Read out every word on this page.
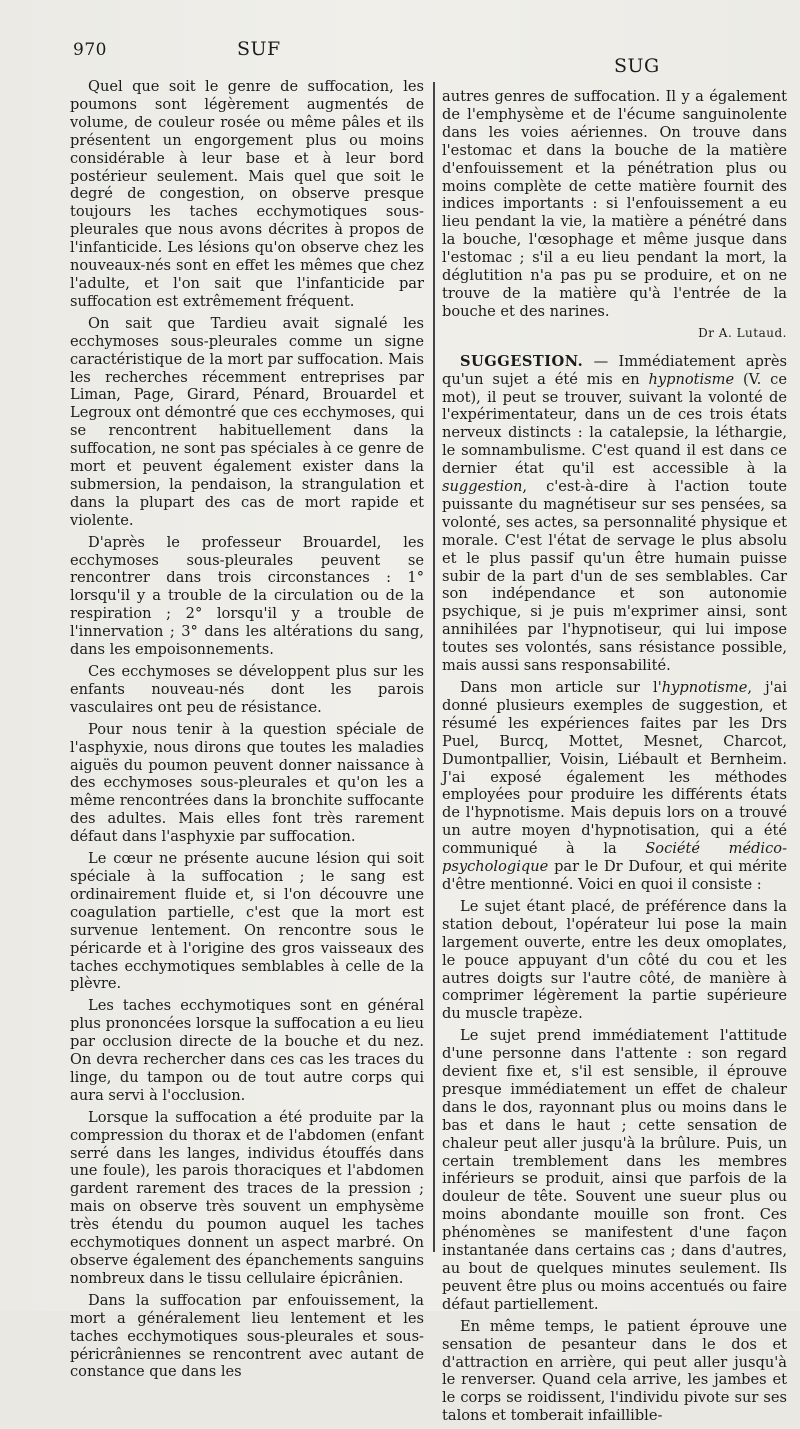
970	SUF
SUG

Quel que soit le genre de suffocation, les poumons sont légèrement augmentés de volume, de couleur rosée ou même pâles et ils présentent un engorgement plus ou moins considérable à leur base et à leur bord postérieur seulement. Mais quel que soit le degré de congestion, on observe presque toujours les taches ecchymotiques sous-pleurales que nous avons décrites à propos de l'infanticide. Les lésions qu'on observe chez les nouveaux-nés sont en effet les mêmes que chez l'adulte, et l'on sait que l'infanticide par suffocation est extrêmement fréquent.

On sait que Tardieu avait signalé les ecchymoses sous-pleurales comme un signe caractéristique de la mort par suffocation. Mais les recherches récemment entreprises par Liman, Page, Girard, Pénard, Brouardel et Legroux ont démontré que ces ecchymoses, qui se rencontrent habituellement dans la suffocation, ne sont pas spéciales à ce genre de mort et peuvent également exister dans la submersion, la pendaison, la strangulation et dans la plupart des cas de mort rapide et violente.

D'après le professeur Brouardel, les ecchymoses sous-pleurales peuvent se rencontrer dans trois circonstances : 1° lorsqu'il y a trouble de la circulation ou de la respiration ; 2° lorsqu'il y a trouble de l'innervation ; 3° dans les altérations du sang, dans les empoisonnements.

Ces ecchymoses se développent plus sur les enfants nouveau-nés dont les parois vasculaires ont peu de résistance.

Pour nous tenir à la question spéciale de l'asphyxie, nous dirons que toutes les maladies aiguës du poumon peuvent donner naissance à des ecchymoses sous-pleurales et qu'on les a même rencontrées dans la bronchite suffocante des adultes. Mais elles font très rarement défaut dans l'asphyxie par suffocation.

Le cœur ne présente aucune lésion qui soit spéciale à la suffocation ; le sang est ordinairement fluide et, si l'on découvre une coagulation partielle, c'est que la mort est survenue lentement. On rencontre sous le péricarde et à l'origine des gros vaisseaux des taches ecchymotiques semblables à celle de la plèvre.

Les taches ecchymotiques sont en général plus prononcées lorsque la suffocation a eu lieu par occlusion directe de la bouche et du nez. On devra rechercher dans ces cas les traces du linge, du tampon ou de tout autre corps qui aura servi à l'occlusion.

Lorsque la suffocation a été produite par la compression du thorax et de l'abdomen (enfant serré dans les langes, individus étouffés dans une foule), les parois thoraciques et l'abdomen gardent rarement des traces de la pression ; mais on observe très souvent un emphysème très étendu du poumon auquel les taches ecchymotiques donnent un aspect marbré. On observe également des épanchements sanguins nombreux dans le tissu cellulaire épicrânien.

Dans la suffocation par enfouissement, la mort a généralement lieu lentement et les taches ecchymotiques sous-pleurales et sous-péricrâniennes se rencontrent avec autant de constance que dans les

autres genres de suffocation. Il y a également de l'emphysème et de l'écume sanguinolente dans les voies aériennes. On trouve dans l'estomac et dans la bouche de la matière d'enfouissement et la pénétration plus ou moins complète de cette matière fournit des indices importants : si l'enfouissement a eu lieu pendant la vie, la matière a pénétré dans la bouche, l'œsophage et même jusque dans l'estomac ; s'il a eu lieu pendant la mort, la déglutition n'a pas pu se produire, et on ne trouve de la matière qu'à l'entrée de la bouche et des narines.

Dr A. Lutaud.

SUGGESTION. — Immédiatement après qu'un sujet a été mis en hypnotisme (V. ce mot), il peut se trouver, suivant la volonté de l'expérimentateur, dans un de ces trois états nerveux distincts : la catalepsie, la léthargie, le somnambulisme. C'est quand il est dans ce dernier état qu'il est accessible à la suggestion, c'est-à-dire à l'action toute puissante du magnétiseur sur ses pensées, sa volonté, ses actes, sa personnalité physique et morale. C'est l'état de servage le plus absolu et le plus passif qu'un être humain puisse subir de la part d'un de ses semblables. Car son indépendance et son autonomie psychique, si je puis m'exprimer ainsi, sont annihilées par l'hypnotiseur, qui lui impose toutes ses volontés, sans résistance possible, mais aussi sans responsabilité.

Dans mon article sur l'hypnotisme, j'ai donné plusieurs exemples de suggestion, et résumé les expériences faites par les Drs Puel, Burcq, Mottet, Mesnet, Charcot, Dumontpallier, Voisin, Liébault et Bernheim. J'ai exposé également les méthodes employées pour produire les différents états de l'hypnotisme. Mais depuis lors on a trouvé un autre moyen d'hypnotisation, qui a été communiqué à la Société médico-psychologique par le Dr Dufour, et qui mérite d'être mentionné. Voici en quoi il consiste :

Le sujet étant placé, de préférence dans la station debout, l'opérateur lui pose la main largement ouverte, entre les deux omoplates, le pouce appuyant d'un côté du cou et les autres doigts sur l'autre côté, de manière à comprimer légèrement la partie supérieure du muscle trapèze.

Le sujet prend immédiatement l'attitude d'une personne dans l'attente : son regard devient fixe et, s'il est sensible, il éprouve presque immédiatement un effet de chaleur dans le dos, rayonnant plus ou moins dans le bas et dans le haut ; cette sensation de chaleur peut aller jusqu'à la brûlure. Puis, un certain tremblement dans les membres inférieurs se produit, ainsi que parfois de la douleur de tête. Souvent une sueur plus ou moins abondante mouille son front. Ces phénomènes se manifestent d'une façon instantanée dans certains cas ; dans d'autres, au bout de quelques minutes seulement. Ils peuvent être plus ou moins accentués ou faire défaut partiellement.

En même temps, le patient éprouve une sensation de pesanteur dans le dos et d'attraction en arrière, qui peut aller jusqu'à le renverser. Quand cela arrive, les jambes et le corps se roidissent, l'individu pivote sur ses talons et tomberait infaillible-
